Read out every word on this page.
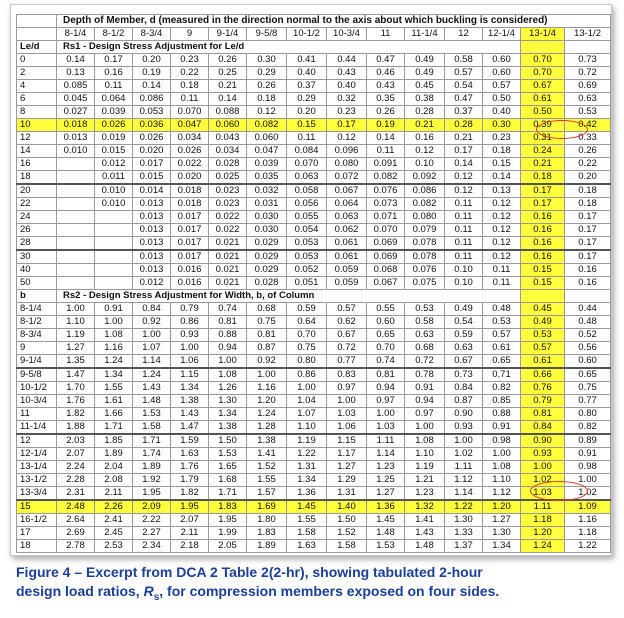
	Depth of Member, d (measured in the direction normal to the axis about which buckling is considered)													
	8-1/4	8-1/2	8-3/4	9	9-1/4	9-5/8	10-1/2	10-3/4	11	11-1/4	12	12-1/4	13-1/4	13-1/2
Le/d	Rs1 - Design Stress Adjustment for Le/d													
0	0.14	0.17	0.20	0.23	0.26	0.30	0.41	0.44	0.47	0.49	0.58	0.60	0.70	0.73
2	0.13	0.16	0.19	0.22	0.25	0.29	0.40	0.43	0.46	0.49	0.57	0.60	0.70	0.72
4	0.085	0.11	0.14	0.18	0.21	0.26	0.37	0.40	0.43	0.45	0.54	0.57	0.67	0.69
6	0.045	0.064	0.086	0.11	0.14	0.18	0.29	0.32	0.35	0.38	0.47	0.50	0.61	0.63
8	0.027	0.039	0.053	0.070	0.088	0.12	0.20	0.23	0.26	0.28	0.37	0.40	0.50	0.53
10	0.018	0.026	0.036	0.047	0.060	0.082	0.15	0.17	0.19	0.21	0.28	0.30	0.39	0.42
12	0.013	0.019	0.026	0.034	0.043	0.060	0.11	0.12	0.14	0.16	0.21	0.23	0.31	0.33
14	0.010	0.015	0.020	0.026	0.034	0.047	0.084	0.096	0.11	0.12	0.17	0.18	0.24	0.26
16		0.012	0.017	0.022	0.028	0.039	0.070	0.080	0.091	0.10	0.14	0.15	0.21	0.22
18		0.011	0.015	0.020	0.025	0.035	0.063	0.072	0.082	0.092	0.12	0.14	0.18	0.20
20		0.010	0.014	0.018	0.023	0.032	0.058	0.067	0.076	0.086	0.12	0.13	0.17	0.18
22		0.010	0.013	0.018	0.023	0.031	0.056	0.064	0.073	0.082	0.11	0.12	0.17	0.18
24			0.013	0.017	0.022	0.030	0.055	0.063	0.071	0.080	0.11	0.12	0.16	0.17
26			0.013	0.017	0.022	0.030	0.054	0.062	0.070	0.079	0.11	0.12	0.16	0.17
28			0.013	0.017	0.021	0.029	0.053	0.061	0.069	0.078	0.11	0.12	0.16	0.17
30			0.013	0.017	0.021	0.029	0.053	0.061	0.069	0.078	0.11	0.12	0.16	0.17
40			0.013	0.016	0.021	0.029	0.052	0.059	0.068	0.076	0.10	0.11	0.15	0.16
50			0.012	0.016	0.021	0.028	0.051	0.059	0.067	0.075	0.10	0.11	0.15	0.16
b	Rs2 - Design Stress Adjustment for Width, b, of Column													
8-1/4	1.00	0.91	0.84	0.79	0.74	0.68	0.59	0.57	0.55	0.53	0.49	0.48	0.45	0.44
8-1/2	1.10	1.00	0.92	0.86	0.81	0.75	0.64	0.62	0.60	0.58	0.54	0.53	0.49	0.48
8-3/4	1.19	1.08	1.00	0.93	0.88	0.81	0.70	0.67	0.65	0.63	0.59	0.57	0.53	0.52
9	1.27	1.16	1.07	1.00	0.94	0.87	0.75	0.72	0.70	0.68	0.63	0.61	0.57	0.56
9-1/4	1.35	1.24	1.14	1.06	1.00	0.92	0.80	0.77	0.74	0.72	0.67	0.65	0.61	0.60
9-5/8	1.47	1.34	1.24	1.15	1.08	1.00	0.86	0.83	0.81	0.78	0.73	0.71	0.66	0.65
10-1/2	1.70	1.55	1.43	1.34	1.26	1.16	1.00	0.97	0.94	0.91	0.84	0.82	0.76	0.75
10-3/4	1.76	1.61	1.48	1.38	1.30	1.20	1.04	1.00	0.97	0.94	0.87	0.85	0.79	0.77
11	1.82	1.66	1.53	1.43	1.34	1.24	1.07	1.03	1.00	0.97	0.90	0.88	0.81	0.80
11-1/4	1.88	1.71	1.58	1.47	1.38	1.28	1.10	1.06	1.03	1.00	0.93	0.91	0.84	0.82
12	2.03	1.85	1.71	1.59	1.50	1.38	1.19	1.15	1.11	1.08	1.00	0.98	0.90	0.89
12-1/4	2.07	1.89	1.74	1.63	1.53	1.41	1.22	1.17	1.14	1.10	1.02	1.00	0.93	0.91
13-1/4	2.24	2.04	1.89	1.76	1.65	1.52	1.31	1.27	1.23	1.19	1.11	1.08	1.00	0.98
13-1/2	2.28	2.08	1.92	1.79	1.68	1.55	1.34	1.29	1.25	1.21	1.12	1.10	1.02	1.00
13-3/4	2.31	2.11	1.95	1.82	1.71	1.57	1.36	1.31	1.27	1.23	1.14	1.12	1.03	1.02
15	2.48	2.26	2.09	1.95	1.83	1.69	1.45	1.40	1.36	1.32	1.22	1.20	1.11	1.09
16-1/2	2.64	2.41	2.22	2.07	1.95	1.80	1.55	1.50	1.45	1.41	1.30	1.27	1.18	1.16
17	2.69	2.45	2.27	2.11	1.99	1.83	1.58	1.52	1.48	1.43	1.33	1.30	1.20	1.18
18	2.78	2.53	2.34	2.18	2.05	1.89	1.63	1.58	1.53	1.48	1.37	1.34	1.24	1.22
Figure 4 – Excerpt from DCA 2 Table 2(2-hr), showing tabulated 2-hour
design load ratios, $R_s$, for compression members exposed on four sides.
